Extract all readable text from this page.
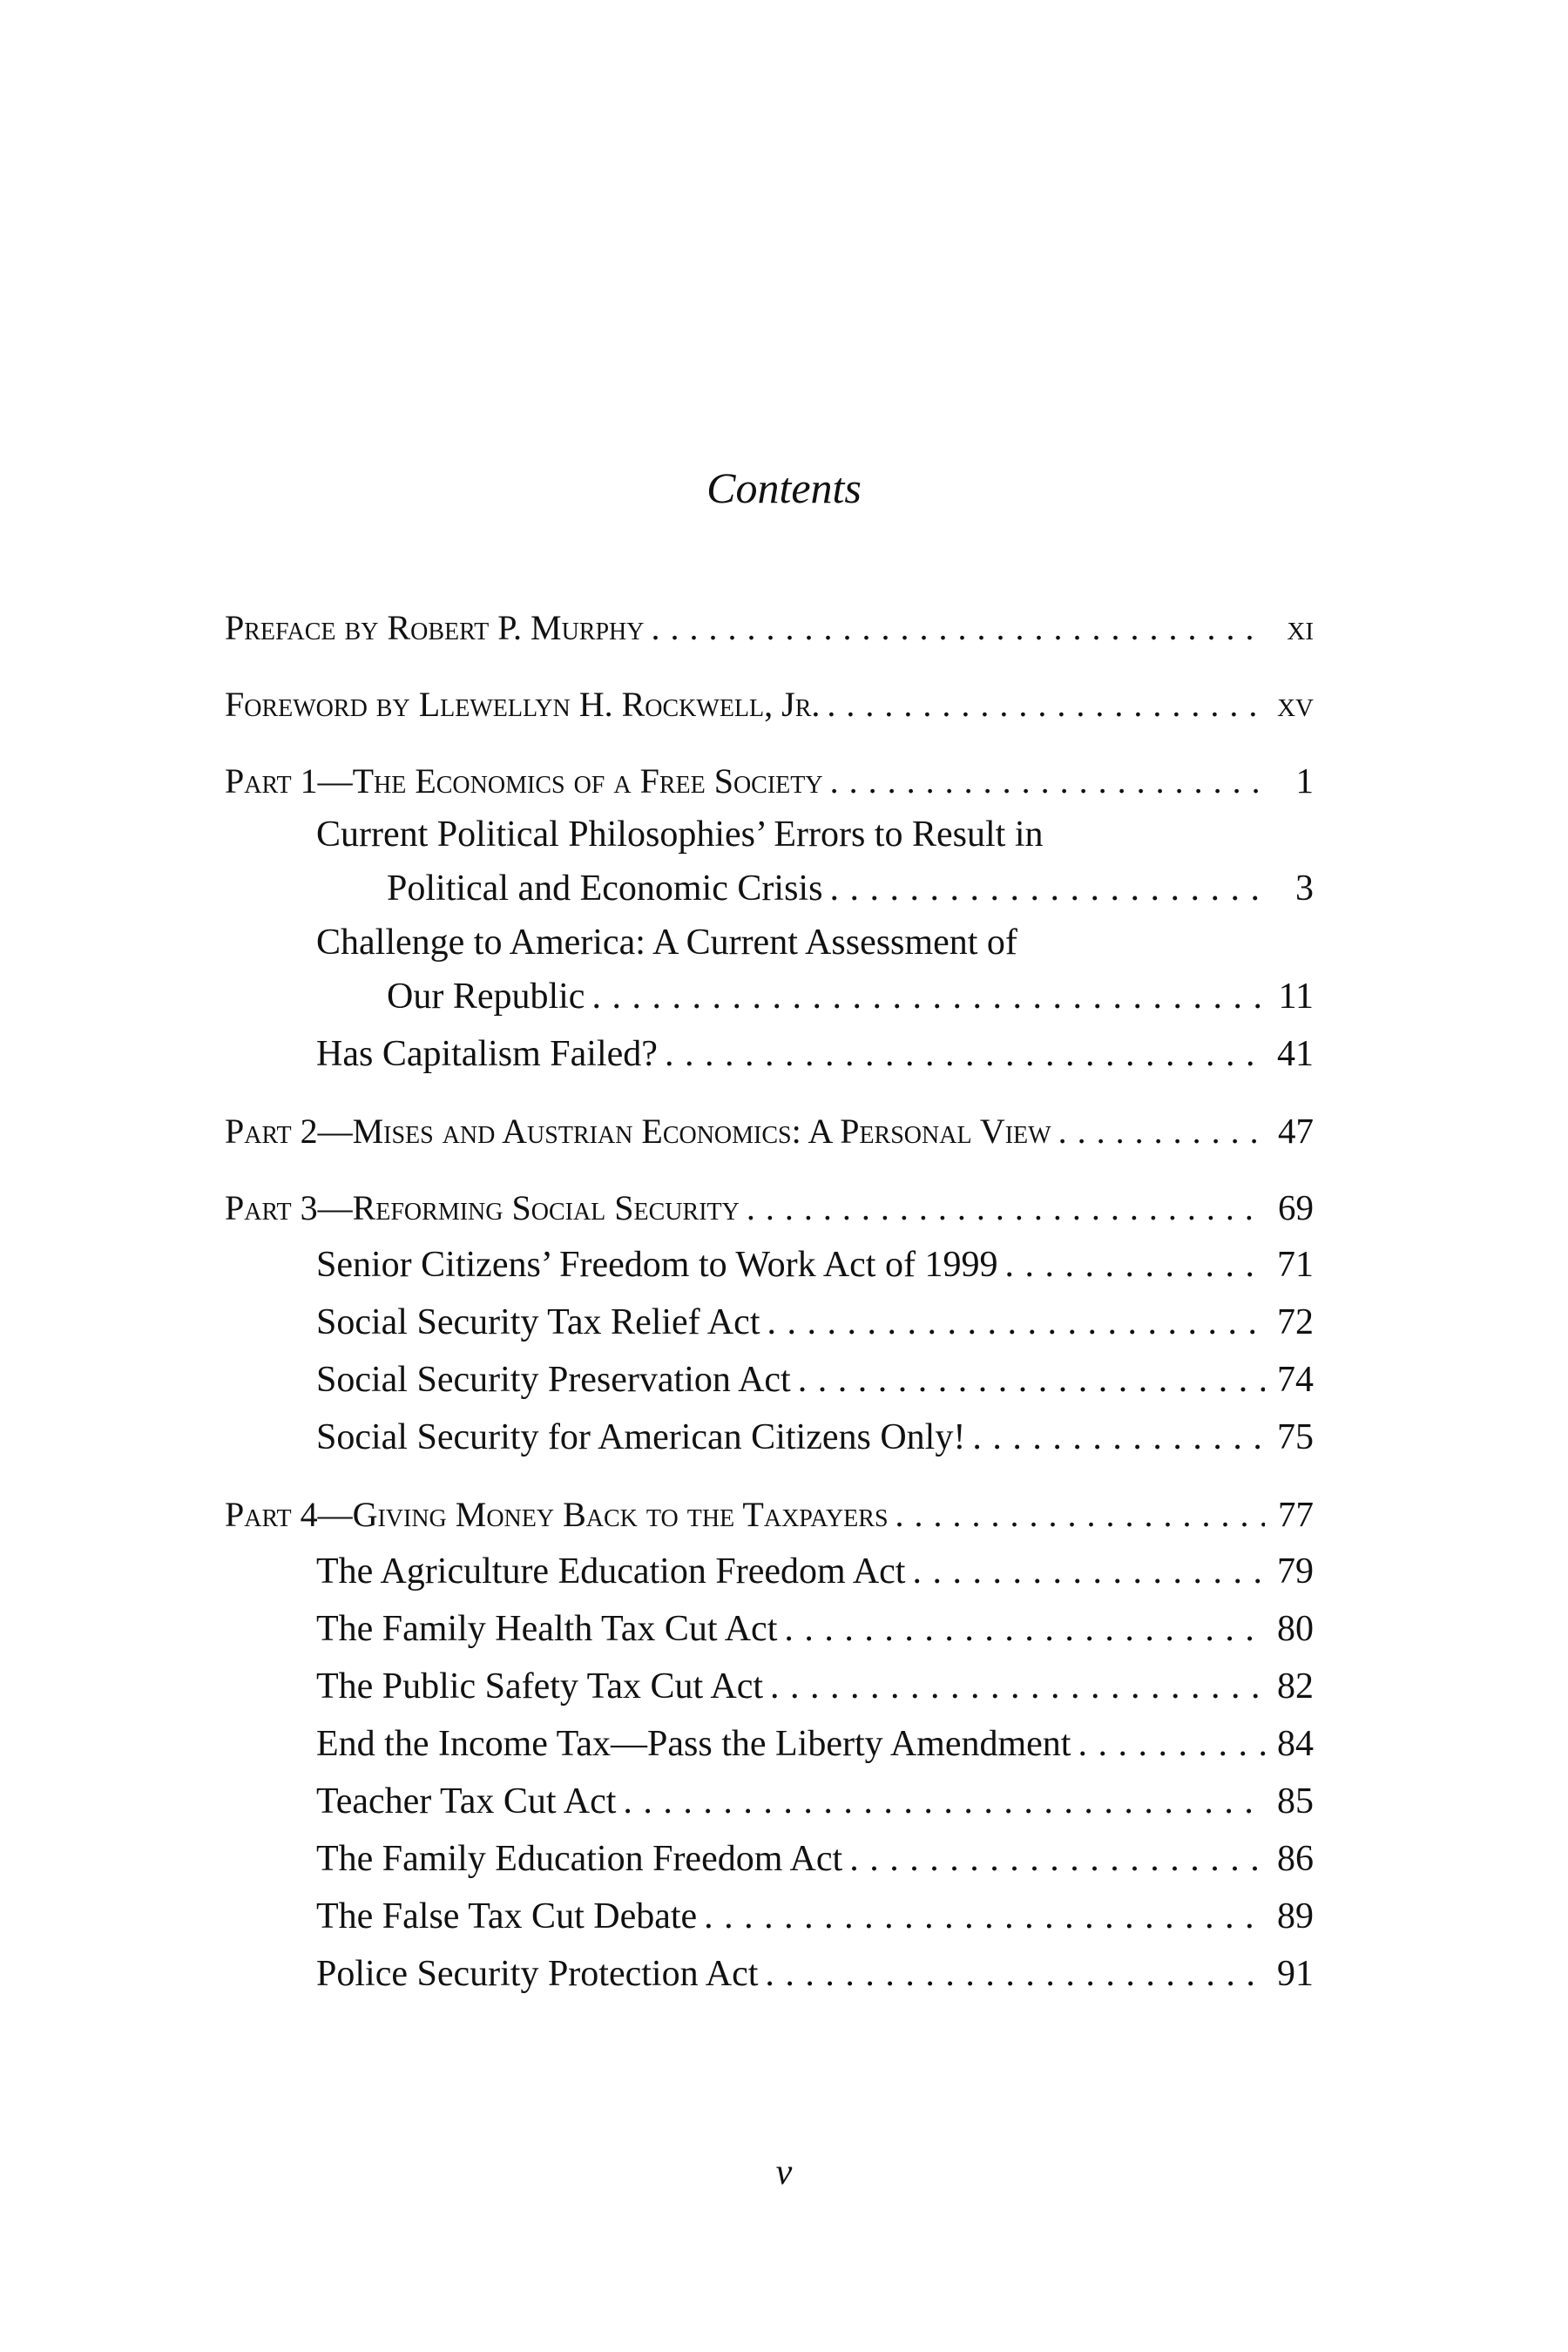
Contents
Preface by Robert P. Murphy . . .	xi
Foreword by Llewellyn H. Rockwell, Jr. . . .	xv
Part 1—The Economics of a Free Society . . .	1
Current Political Philosophies’ Errors to Result in
Political and Economic Crisis . . .	3
Challenge to America: A Current Assessment of
Our Republic . . .	11
Has Capitalism Failed? . . .	41
Part 2—Mises and Austrian Economics: A Personal View . . .	47
Part 3—Reforming Social Security . . .	69
Senior Citizens’ Freedom to Work Act of 1999 . . .	71
Social Security Tax Relief Act . . .	72
Social Security Preservation Act . . .	74
Social Security for American Citizens Only! . . .	75
Part 4—Giving Money Back to the Taxpayers . . .	77
The Agriculture Education Freedom Act . . .	79
The Family Health Tax Cut Act . . .	80
The Public Safety Tax Cut Act . . .	82
End the Income Tax—Pass the Liberty Amendment . . .	84
Teacher Tax Cut Act . . .	85
The Family Education Freedom Act . . .	86
The False Tax Cut Debate . . .	89
Police Security Protection Act . . .	91
v
